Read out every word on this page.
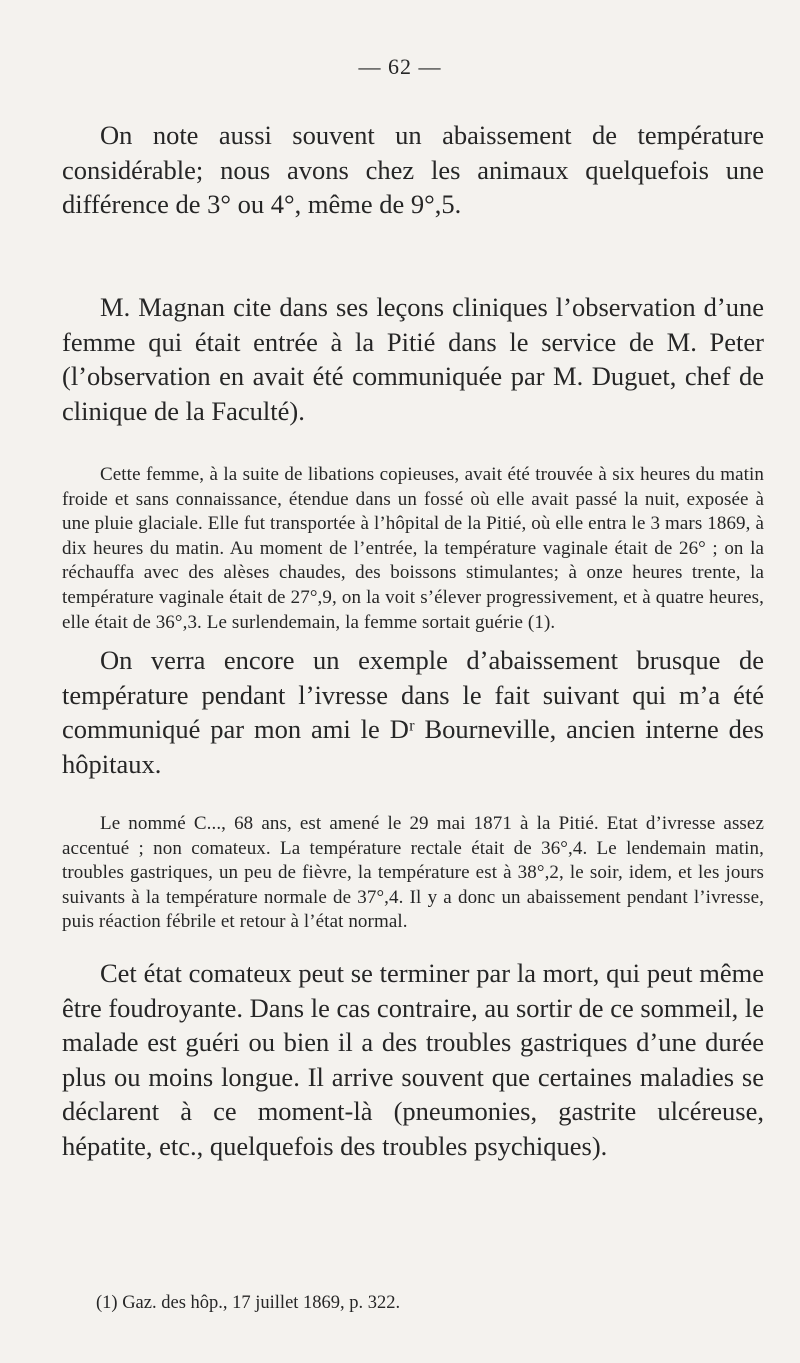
— 62 —

On note aussi souvent un abaissement de température considérable; nous avons chez les animaux quelquefois une différence de 3° ou 4°, même de 9°,5.

M. Magnan cite dans ses leçons cliniques l’observation d’une femme qui était entrée à la Pitié dans le service de M. Peter (l’observation en avait été communiquée par M. Duguet, chef de clinique de la Faculté).

Cette femme, à la suite de libations copieuses, avait été trouvée à six heures du matin froide et sans connaissance, étendue dans un fossé où elle avait passé la nuit, exposée à une pluie glaciale. Elle fut transportée à l’hôpital de la Pitié, où elle entra le 3 mars 1869, à dix heures du matin. Au moment de l’entrée, la température vaginale était de 26° ; on la réchauffa avec des alèses chaudes, des boissons stimulantes; à onze heures trente, la température vaginale était de 27°,9, on la voit s’élever progressivement, et à quatre heures, elle était de 36°,3. Le surlendemain, la femme sortait guérie (1).

On verra encore un exemple d’abaissement brusque de température pendant l’ivresse dans le fait suivant qui m’a été communiqué par mon ami le Dʳ Bourneville, ancien interne des hôpitaux.

Le nommé C..., 68 ans, est amené le 29 mai 1871 à la Pitié. Etat d’ivresse assez accentué ; non comateux. La température rectale était de 36°,4. Le lendemain matin, troubles gastriques, un peu de fièvre, la température est à 38°,2, le soir, idem, et les jours suivants à la température normale de 37°,4. Il y a donc un abaissement pendant l’ivresse, puis réaction fébrile et retour à l’état normal.

Cet état comateux peut se terminer par la mort, qui peut même être foudroyante. Dans le cas contraire, au sortir de ce sommeil, le malade est guéri ou bien il a des troubles gastriques d’une durée plus ou moins longue. Il arrive souvent que certaines maladies se déclarent à ce moment-là (pneumonies, gastrite ulcéreuse, hépatite, etc., quelquefois des troubles psychiques).

(1) Gaz. des hôp., 17 juillet 1869, p. 322.
